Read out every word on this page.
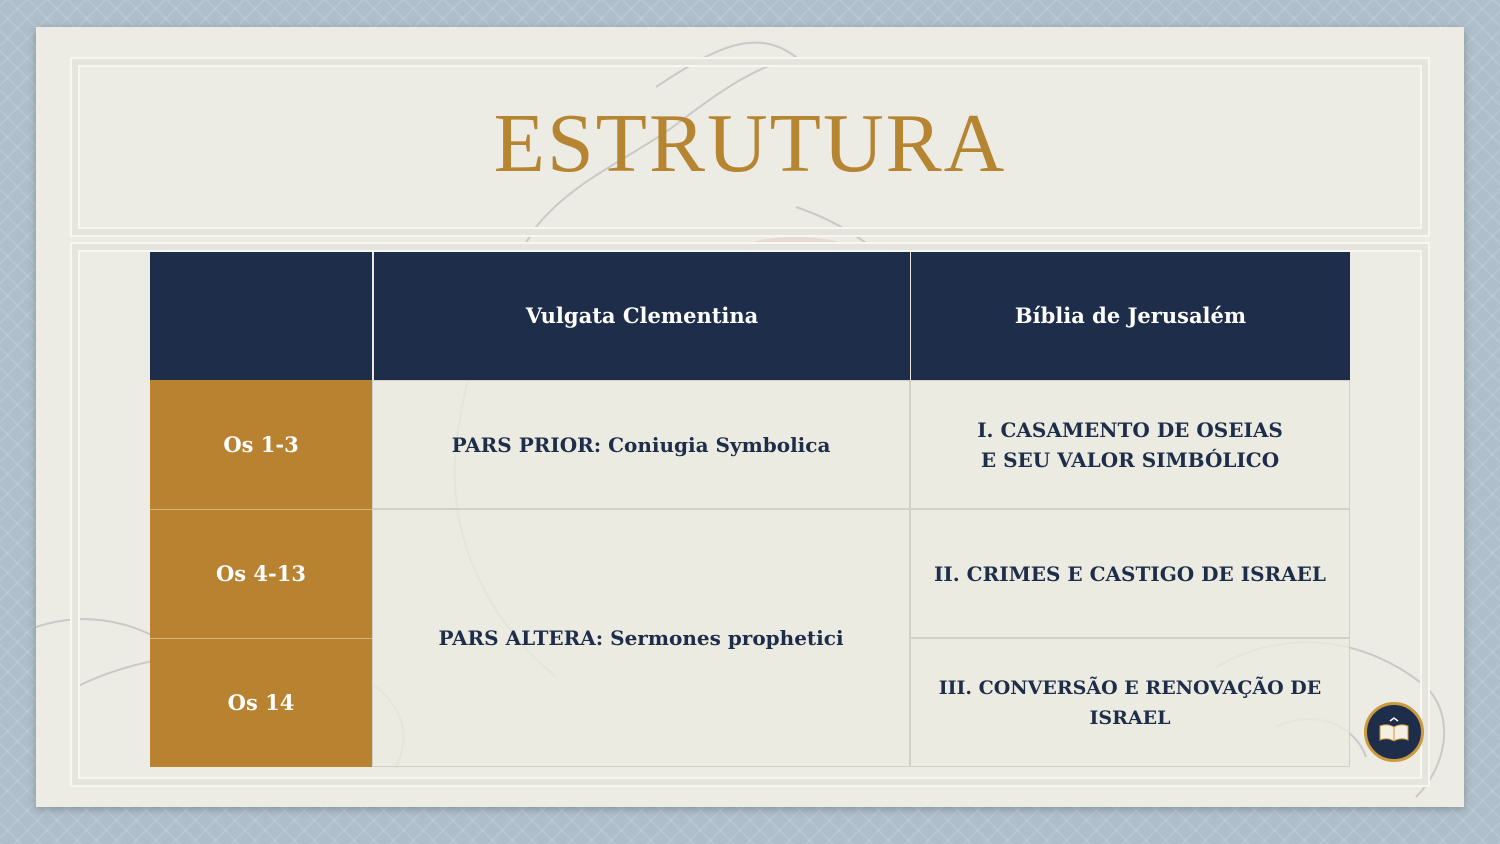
ESTRUTURA
Vulgata Clementina	Bíblia de Jerusalém
Os 1-3
Os 4-13
Os 14
PARS PRIOR: Coniugia Symbolica
PARS ALTERA: Sermones prophetici
I. CASAMENTO DE OSEIAS E SEU VALOR SIMBÓLICO
II. CRIMES E CASTIGO DE ISRAEL
III. CONVERSÃO E RENOVAÇÃO DE ISRAEL
